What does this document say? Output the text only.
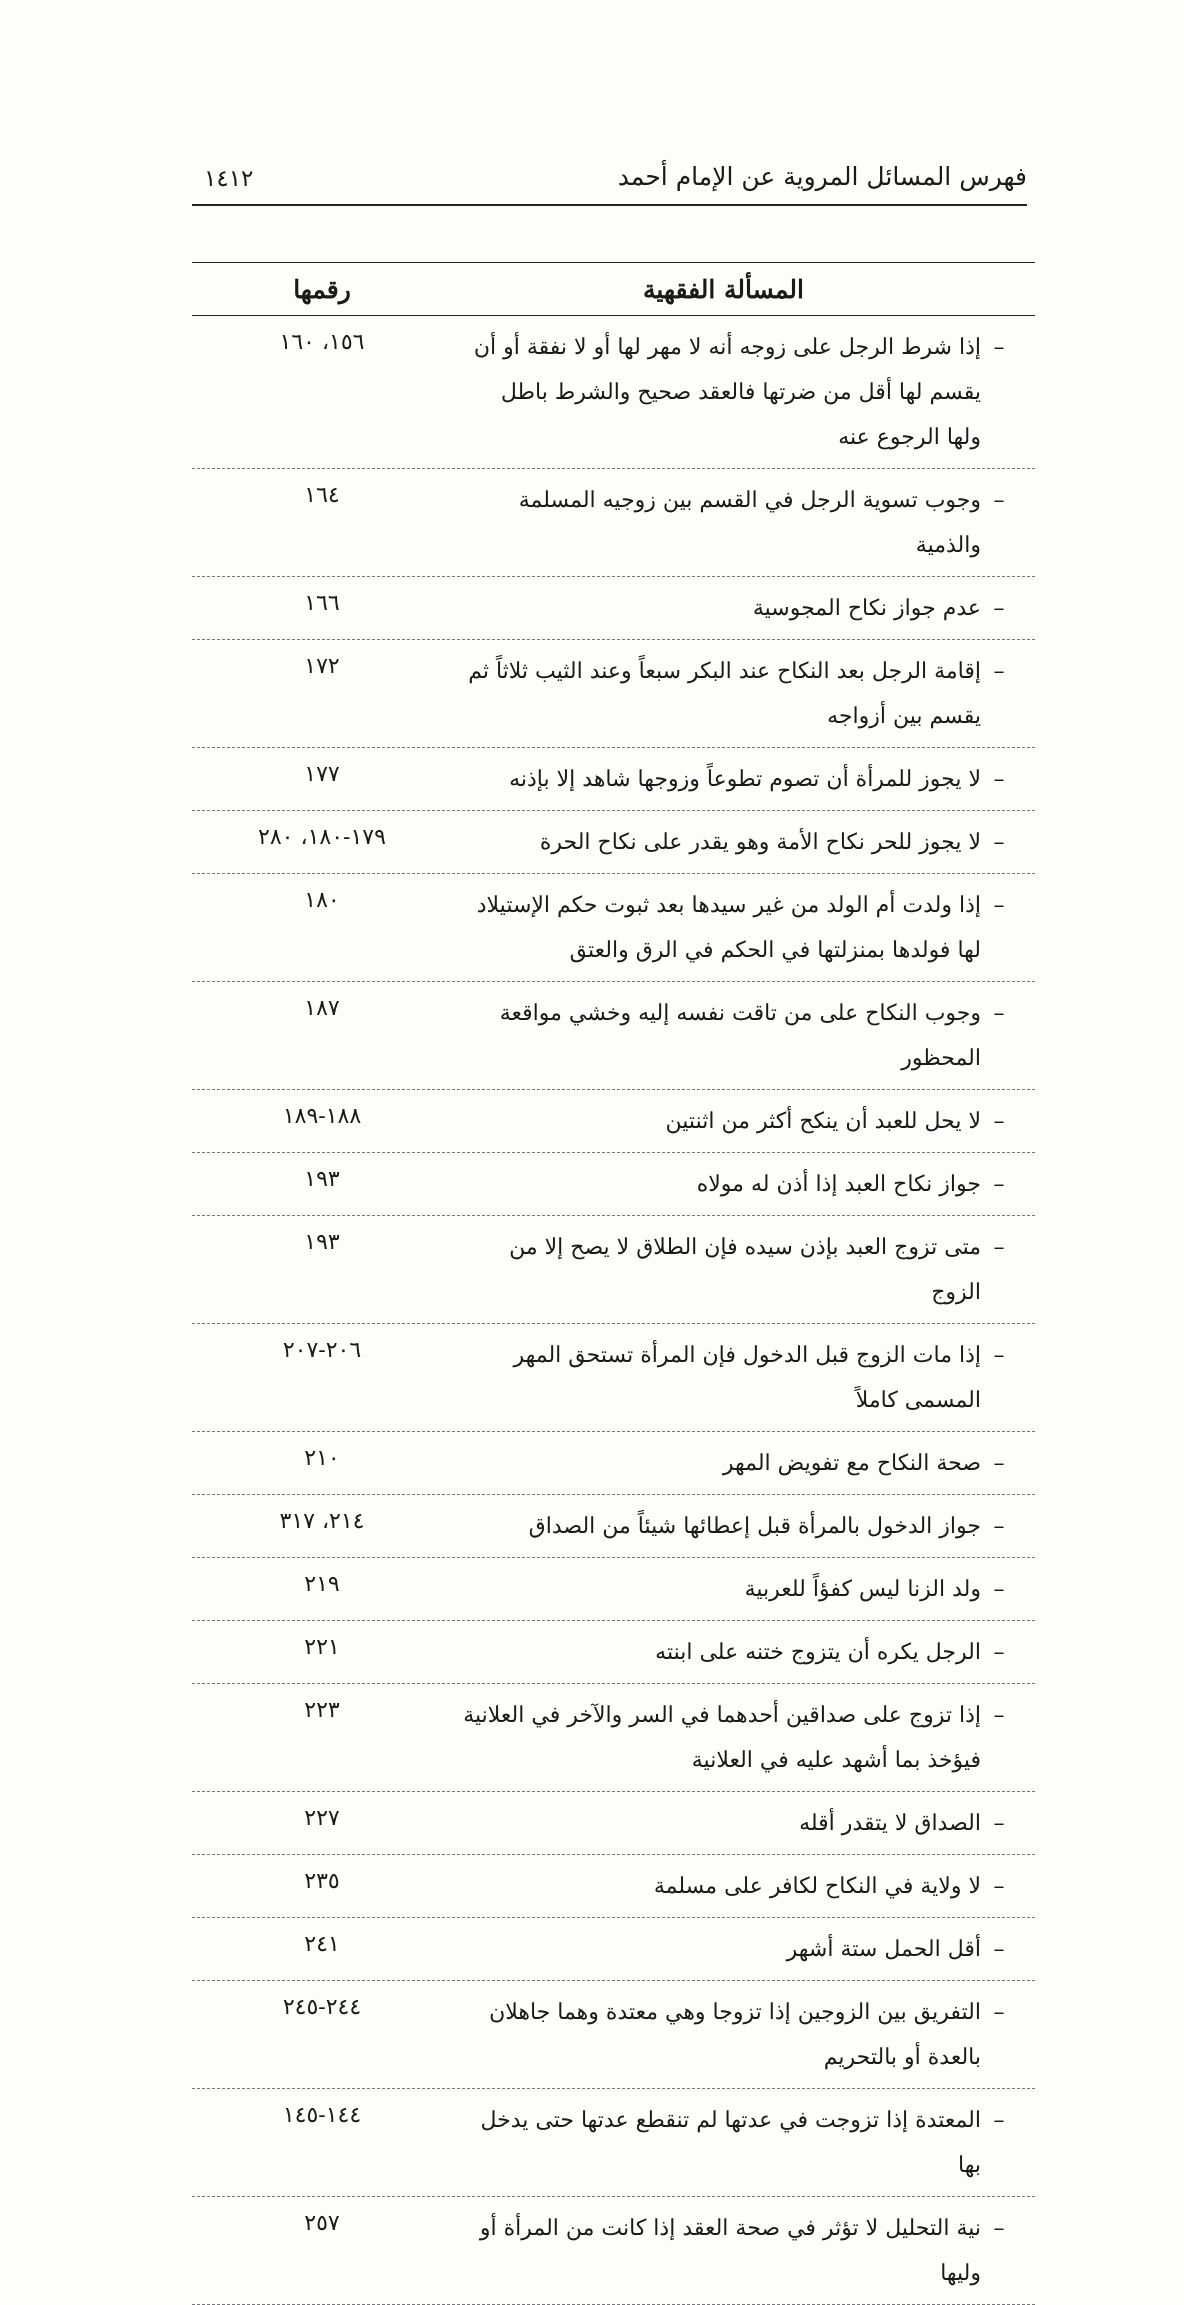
فهرس المسائل المروية عن الإمام أحمد
١٤١٢
المسألة الفقهية
رقمها
–
إذا شرط الرجل على زوجه أنه لا مهر لها أو لا نفقة أو أن يقسم لها أقل من ضرتها فالعقد صحيح والشرط باطل ولها الرجوع عنه
١٥٦، ١٦٠
–
وجوب تسوية الرجل في القسم بين زوجيه المسلمة والذمية
١٦٤
–
عدم جواز نكاح المجوسية
١٦٦
–
إقامة الرجل بعد النكاح عند البكر سبعاً وعند الثيب ثلاثاً ثم يقسم بين أزواجه
١٧٢
–
لا يجوز للمرأة أن تصوم تطوعاً وزوجها شاهد إلا بإذنه
١٧٧
–
لا يجوز للحر نكاح الأمة وهو يقدر على نكاح الحرة
١٧٩-١٨٠، ٢٨٠
–
إذا ولدت أم الولد من غير سيدها بعد ثبوت حكم الإستيلاد لها فولدها بمنزلتها في الحكم في الرق والعتق
١٨٠
–
وجوب النكاح على من تاقت نفسه إليه وخشي مواقعة المحظور
١٨٧
–
لا يحل للعبد أن ينكح أكثر من اثنتين
١٨٨-١٨٩
–
جواز نكاح العبد إذا أذن له مولاه
١٩٣
–
متى تزوج العبد بإذن سيده فإن الطلاق لا يصح إلا من الزوج
١٩٣
–
إذا مات الزوج قبل الدخول فإن المرأة تستحق المهر المسمى كاملاً
٢٠٦-٢٠٧
–
صحة النكاح مع تفويض المهر
٢١٠
–
جواز الدخول بالمرأة قبل إعطائها شيئاً من الصداق
٢١٤، ٣١٧
–
ولد الزنا ليس كفؤاً للعربية
٢١٩
–
الرجل يكره أن يتزوج ختنه على ابنته
٢٢١
–
إذا تزوج على صداقين أحدهما في السر والآخر في العلانية فيؤخذ بما أشهد عليه في العلانية
٢٢٣
–
الصداق لا يتقدر أقله
٢٢٧
–
لا ولاية في النكاح لكافر على مسلمة
٢٣٥
–
أقل الحمل ستة أشهر
٢٤١
–
التفريق بين الزوجين إذا تزوجا وهي معتدة وهما جاهلان بالعدة أو بالتحريم
٢٤٤-٢٤٥
–
المعتدة إذا تزوجت في عدتها لم تنقطع عدتها حتى يدخل بها
١٤٤-١٤٥
–
نية التحليل لا تؤثر في صحة العقد إذا كانت من المرأة أو وليها
٢٥٧
